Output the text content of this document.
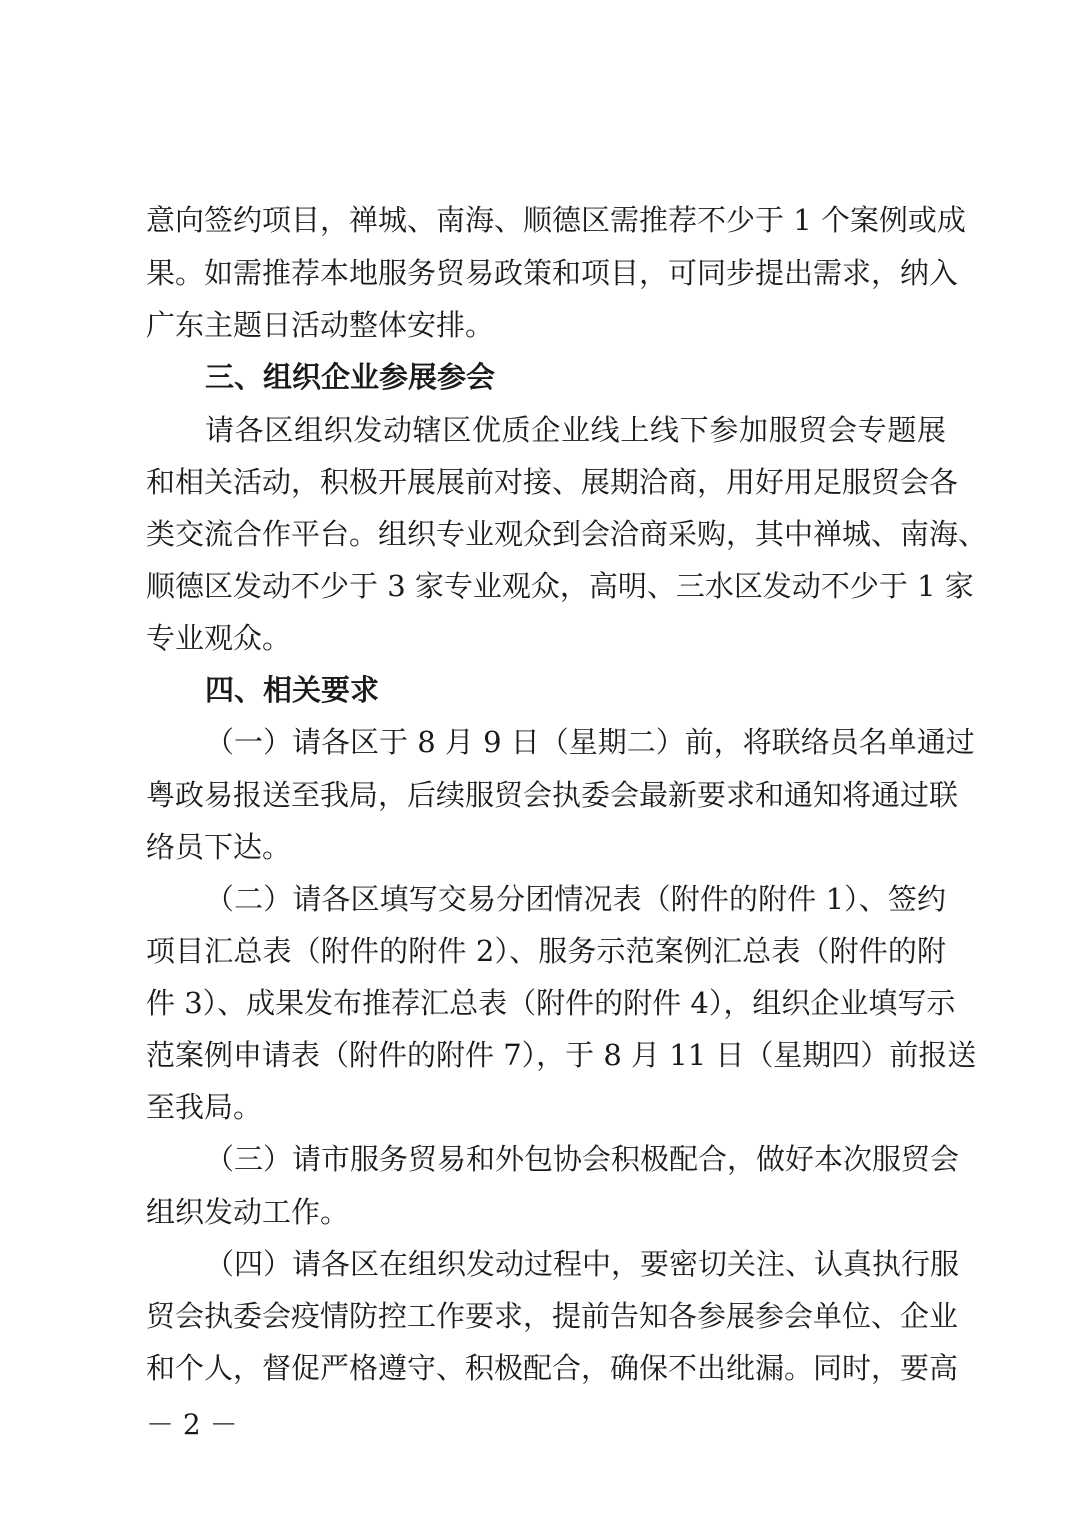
意向签约项目，禅城、南海、顺德区需推荐不少于 1 个案例或成
果。如需推荐本地服务贸易政策和项目，可同步提出需求，纳入
广东主题日活动整体安排。
三、组织企业参展参会
请各区组织发动辖区优质企业线上线下参加服贸会专题展
和相关活动，积极开展展前对接、展期洽商，用好用足服贸会各
类交流合作平台。组织专业观众到会洽商采购，其中禅城、南海、
顺德区发动不少于 3 家专业观众，高明、三水区发动不少于 1 家
专业观众。
四、相关要求
（一）请各区于 8 月 9 日（星期二）前，将联络员名单通过
粤政易报送至我局，后续服贸会执委会最新要求和通知将通过联
络员下达。
（二）请各区填写交易分团情况表（附件的附件 1）、签约
项目汇总表（附件的附件 2）、服务示范案例汇总表（附件的附
件 3）、成果发布推荐汇总表（附件的附件 4），组织企业填写示
范案例申请表（附件的附件 7），于 8 月 11 日（星期四）前报送
至我局。
（三）请市服务贸易和外包协会积极配合，做好本次服贸会
组织发动工作。
（四）请各区在组织发动过程中，要密切关注、认真执行服
贸会执委会疫情防控工作要求，提前告知各参展参会单位、企业
和个人，督促严格遵守、积极配合，确保不出纰漏。同时，要高
－ 2 －
